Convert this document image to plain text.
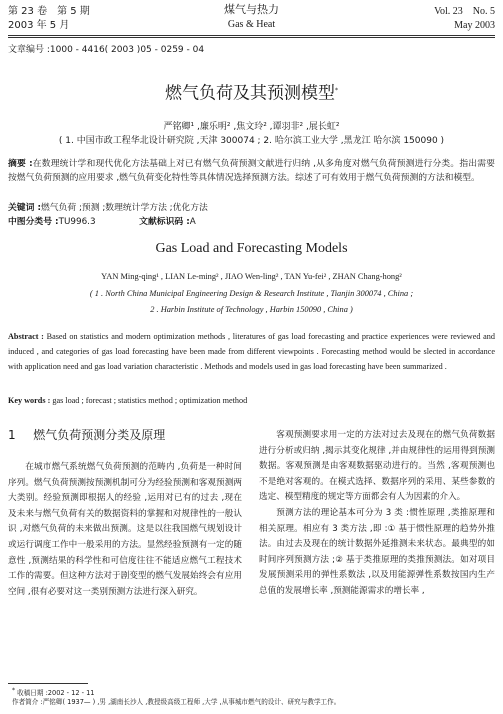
第 23 卷　第 5 期
2003 年 5 月
煤气与热力
Gas & Heat
Vol. 23　No. 5
May 2003
文章编号 :1000 - 4416( 2003 )05 - 0259 - 04
燃气负荷及其预测模型*
严铭卿¹ ,廉乐明² ,焦文玲² ,谭羽非² ,展长虹²
( 1. 中国市政工程华北设计研究院 ,天津 300074 ; 2. 哈尔滨工业大学 ,黑龙江 哈尔滨 150090 )
摘要 :在数理统计学和现代优化方法基础上对已有燃气负荷预测文献进行归纳 ,从多角度对燃气负荷预测进行分类。指出需要按燃气负荷预测的应用要求 ,燃气负荷变化特性等具体情况选择预测方法。综述了可有效用于燃气负荷预测的方法和模型。
关键词 :燃气负荷 ;预测 ;数理统计学方法 ;优化方法
中图分类号 :TU996.3	文献标识码 :A
Gas Load and Forecasting Models
YAN Ming-qing¹ , LIAN Le-ming² , JIAO Wen-ling² , TAN Yu-fei² , ZHAN Chang-hong²
( 1 . North China Municipal Engineering Design & Research Institute , Tianjin 300074 , China ;
2 . Harbin Institute of Technology , Harbin 150090 , China )
Abstract : Based on statistics and modern optimization methods , literatures of gas load forecasting and practice experiences were reviewed and induced , and categories of gas load forecasting have been made from different viewpoints . Forecasting method would be slected in accordance with application need and gas load variation characteristic . Methods and models used in gas load forecasting have been summarized .
Key words : gas load ; forecast ; statistics method ; optimization method
1 燃气负荷预测分类及原理

在城市燃气系统燃气负荷预测的范畴内 ,负荷是一种时间序列。燃气负荷预测按预测机制可分为经验预测和客观预测两大类别。经验预测即根据人的经验 ,运用对已有的过去 ,现在及未来与燃气负荷有关的数据资料的掌握和对规律性的一般认识 ,对燃气负荷的未来做出预测。这是以往我国燃气规划设计或运行调度工作中一般采用的方法。显然经验预测有一定的随意性 ,预测结果的科学性和可信度往往不能适应燃气工程技术工作的需要。但这种方法对于剧变型的燃气发展始终会有应用空间 ,很有必要对这一类别预测方法进行深入研究。

客观预测要求用一定的方法对过去及现在的燃气负荷数据进行分析或归纳 ,揭示其变化规律 ,并由规律性的运用得到预测数据。客观预测是由客观数据驱动进行的。当然 ,客观预测也不是绝对客观的。在模式选择、数据序列的采用、某些参数的选定、模型精度的规定等方面都会有人为因素的介入。

预测方法的理论基本可分为 3 类 :惯性原理 ,类推原理和相关原理。相应有 3 类方法 ,即 :① 基于惯性原理的趋势外推法。由过去及现在的统计数据外延推测未来状态。最典型的如时间序列预测方法 ;② 基于类推原理的类推预测法。如对项目发展预测采用的弹性系数法 ,以及用能源弹性系数按国内生产总值的发展增长率 ,预测能源需求的增长率 ,

* 收稿日期 :2002 - 12 - 11
作者简介 :严铭卿( 1937— ) ,男 ,湖南长沙人 ,教授级高级工程师 ,大学 ,从事城市燃气的设计、研究与教学工作。
